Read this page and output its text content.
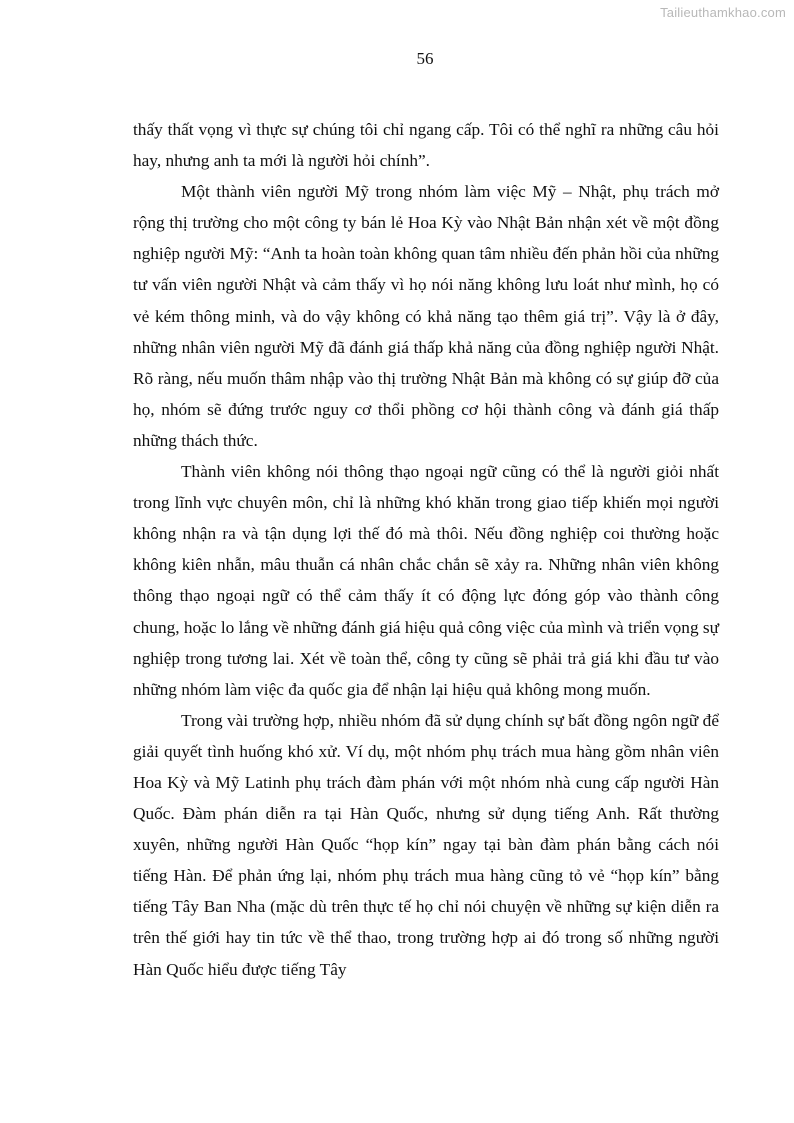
Tailieuthamkhao.com
56

thấy thất vọng vì thực sự chúng tôi chỉ ngang cấp. Tôi có thể nghĩ ra những câu hỏi hay, nhưng anh ta mới là người hỏi chính”.

Một thành viên người Mỹ trong nhóm làm việc Mỹ – Nhật, phụ trách mở rộng thị trường cho một công ty bán lẻ Hoa Kỳ vào Nhật Bản nhận xét về một đồng nghiệp người Mỹ: “Anh ta hoàn toàn không quan tâm nhiều đến phản hồi của những tư vấn viên người Nhật và cảm thấy vì họ nói năng không lưu loát như mình, họ có vẻ kém thông minh, và do vậy không có khả năng tạo thêm giá trị”. Vậy là ở đây, những nhân viên người Mỹ đã đánh giá thấp khả năng của đồng nghiệp người Nhật. Rõ ràng, nếu muốn thâm nhập vào thị trường Nhật Bản mà không có sự giúp đỡ của họ, nhóm sẽ đứng trước nguy cơ thổi phồng cơ hội thành công và đánh giá thấp những thách thức.

Thành viên không nói thông thạo ngoại ngữ cũng có thể là người giỏi nhất trong lĩnh vực chuyên môn, chỉ là những khó khăn trong giao tiếp khiến mọi người không nhận ra và tận dụng lợi thế đó mà thôi. Nếu đồng nghiệp coi thường hoặc không kiên nhẫn, mâu thuẫn cá nhân chắc chắn sẽ xảy ra. Những nhân viên không thông thạo ngoại ngữ có thể cảm thấy ít có động lực đóng góp vào thành công chung, hoặc lo lắng về những đánh giá hiệu quả công việc của mình và triển vọng sự nghiệp trong tương lai. Xét về toàn thể, công ty cũng sẽ phải trả giá khi đầu tư vào những nhóm làm việc đa quốc gia để nhận lại hiệu quả không mong muốn.

Trong vài trường hợp, nhiều nhóm đã sử dụng chính sự bất đồng ngôn ngữ để giải quyết tình huống khó xử. Ví dụ, một nhóm phụ trách mua hàng gồm nhân viên Hoa Kỳ và Mỹ Latinh phụ trách đàm phán với một nhóm nhà cung cấp người Hàn Quốc. Đàm phán diễn ra tại Hàn Quốc, nhưng sử dụng tiếng Anh. Rất thường xuyên, những người Hàn Quốc “họp kín” ngay tại bàn đàm phán bằng cách nói tiếng Hàn. Để phản ứng lại, nhóm phụ trách mua hàng cũng tỏ vẻ “họp kín” bằng tiếng Tây Ban Nha (mặc dù trên thực tế họ chỉ nói chuyện về những sự kiện diễn ra trên thế giới hay tin tức về thể thao, trong trường hợp ai đó trong số những người Hàn Quốc hiểu được tiếng Tây
